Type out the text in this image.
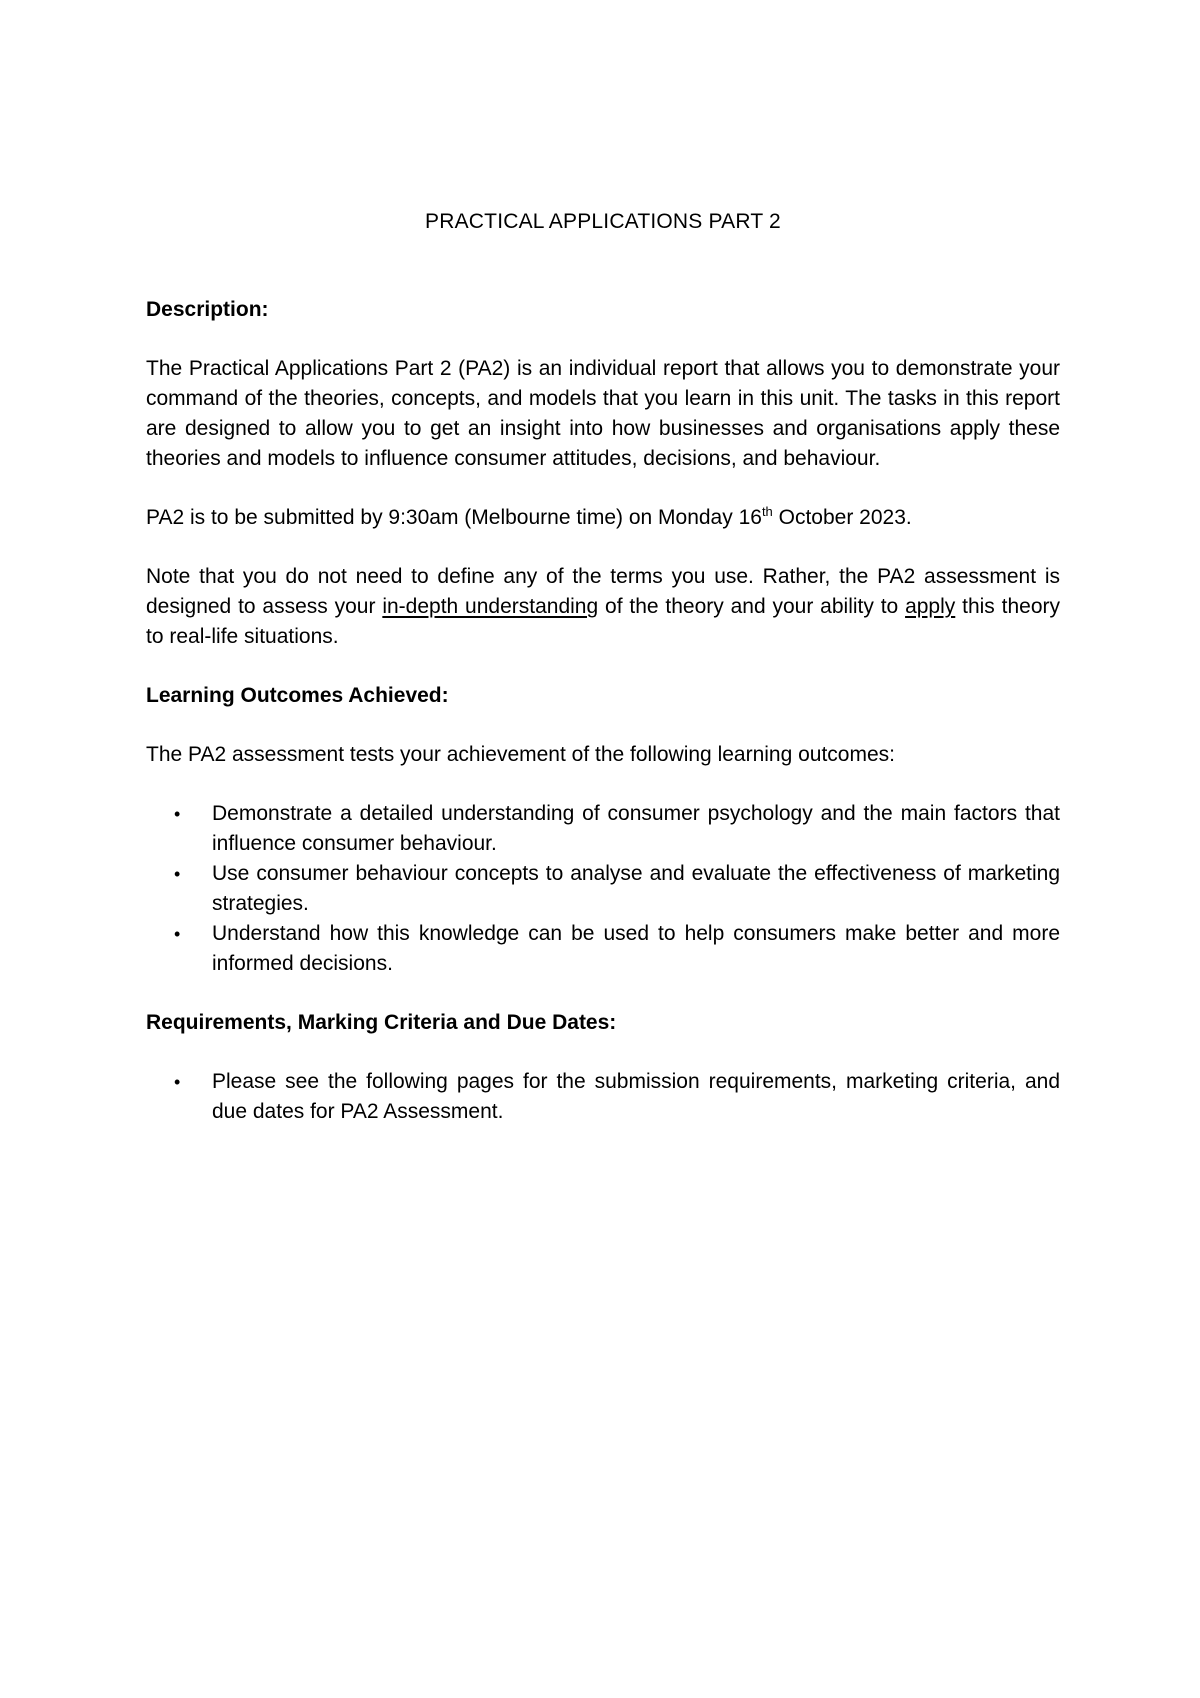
PRACTICAL APPLICATIONS PART 2
Description:

The Practical Applications Part 2 (PA2) is an individual report that allows you to demonstrate your command of the theories, concepts, and models that you learn in this unit. The tasks in this report are designed to allow you to get an insight into how businesses and organisations apply these theories and models to influence consumer attitudes, decisions, and behaviour.

PA2 is to be submitted by 9:30am (Melbourne time) on Monday 16th October 2023.

Note that you do not need to define any of the terms you use. Rather, the PA2 assessment is designed to assess your in-depth understanding of the theory and your ability to apply this theory to real-life situations.

Learning Outcomes Achieved:

The PA2 assessment tests your achievement of the following learning outcomes:

• Demonstrate a detailed understanding of consumer psychology and the main factors that influence consumer behaviour.
• Use consumer behaviour concepts to analyse and evaluate the effectiveness of marketing strategies.
• Understand how this knowledge can be used to help consumers make better and more informed decisions.
Requirements, Marking Criteria and Due Dates:
• Please see the following pages for the submission requirements, marketing criteria, and due dates for PA2 Assessment.
